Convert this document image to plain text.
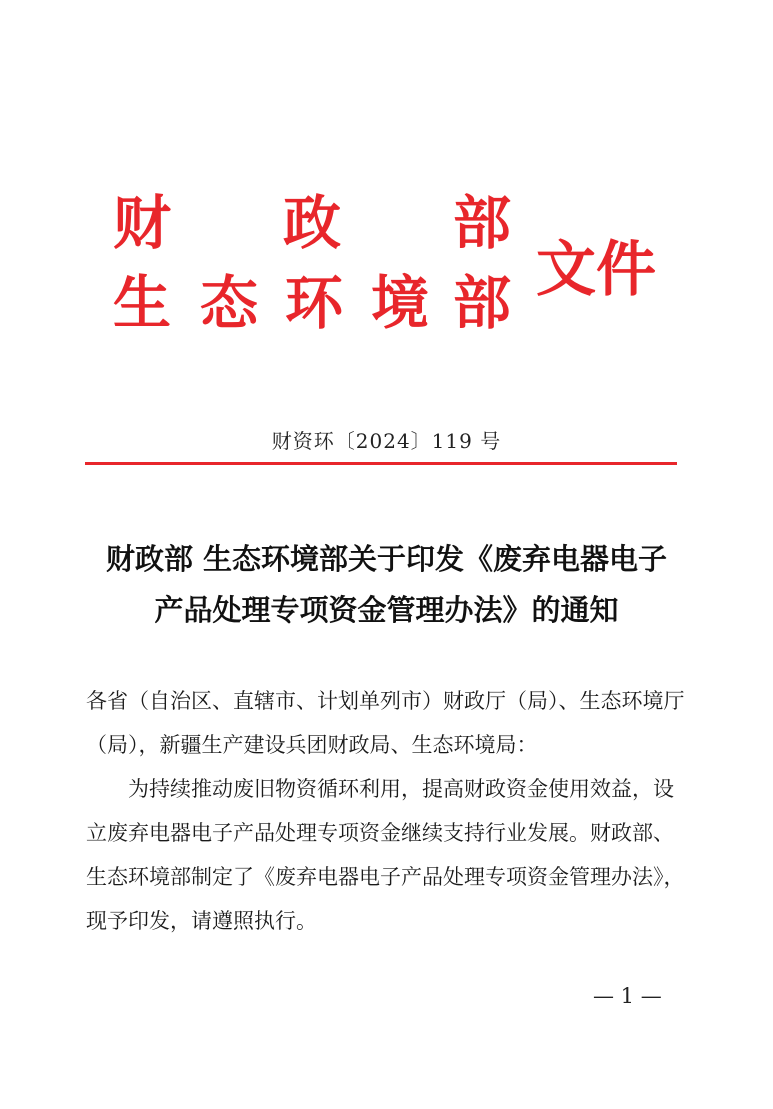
财 政 部
生 态 环 境 部 文件
财资环〔2024〕119 号
财政部 生态环境部关于印发《废弃电器电子
产品处理专项资金管理办法》的通知
各省（自治区、直辖市、计划单列市）财政厅（局）、生态环境厅
（局），新疆生产建设兵团财政局、生态环境局：
为持续推动废旧物资循环利用，提高财政资金使用效益，设
立废弃电器电子产品处理专项资金继续支持行业发展。财政部、
生态环境部制定了《废弃电器电子产品处理专项资金管理办法》，
现予印发，请遵照执行。
— 1 —
